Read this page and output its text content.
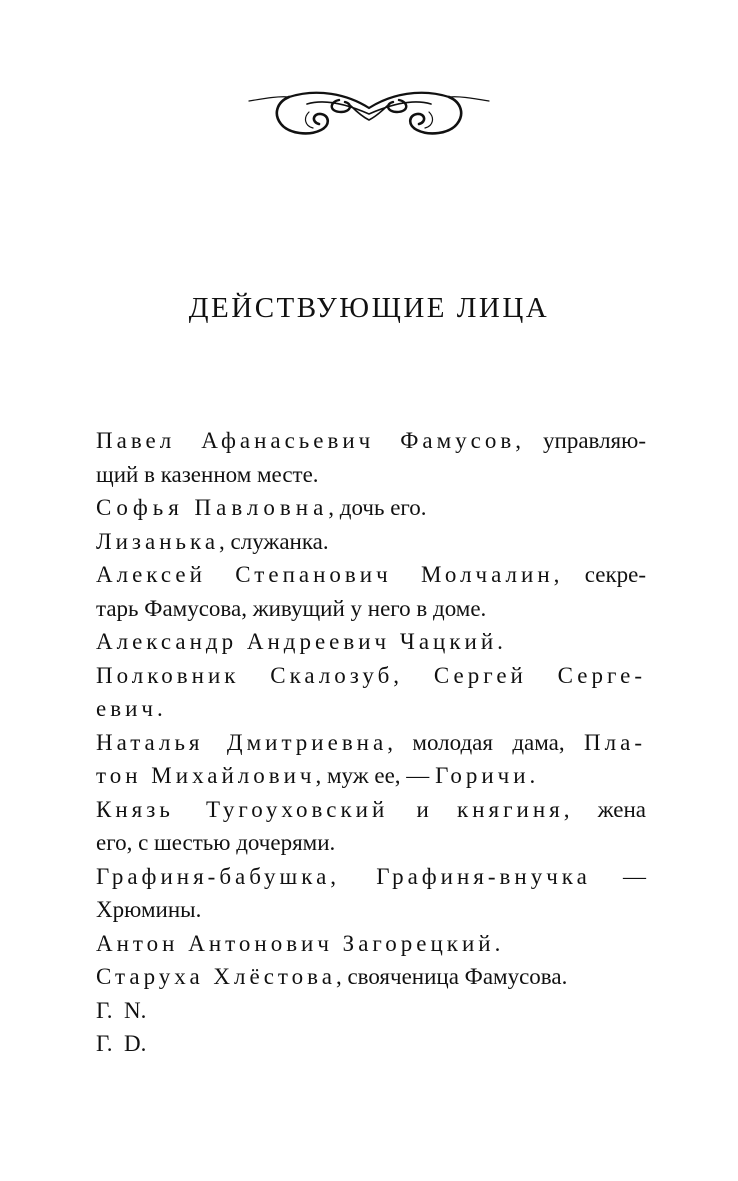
ДЕЙСТВУЮЩИЕ ЛИЦА
Павел Афанасьевич Фамусов, управляю-
щий в казенном месте.
Софья Павловна, дочь его.
Лизанька, служанка.
Алексей Степанович Молчалин, секре-
тарь Фамусова, живущий у него в доме.
Александр Андреевич Чацкий.
Полковник Скалозуб, Сергей Серге-
евич.
Наталья Дмитриевна, молодая дама, Пла-
тон Михайлович, муж ее, — Горичи.
Князь Тугоуховский и княгиня, жена
его, с шестью дочерями.
Графиня-бабушка, Графиня-внучка —
Хрюмины.
Антон Антонович Загорецкий.
Старуха Хлёстова, свояченица Фамусова.
Г.  N.
Г.  D.
